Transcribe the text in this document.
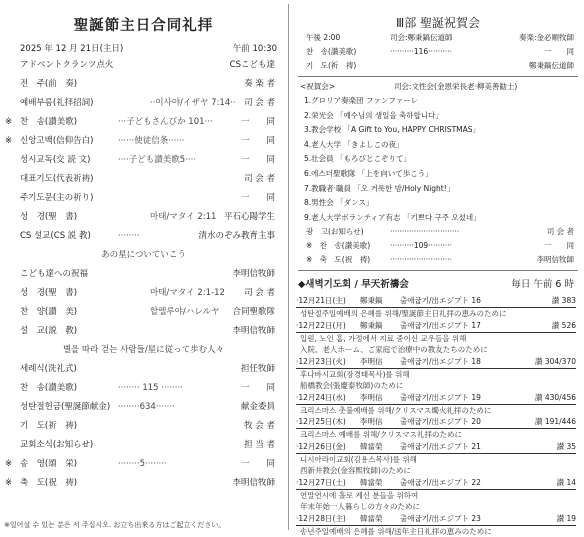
聖誕節主日合同礼拝
2025 年 12 月 21日(主日)	午前 10:30
アドベントクランツ点火	CSこども達
전　주(前　奏)	奏 楽 者
예배부름(礼拝招詞)	··이사야/イザヤ 7:14·· 司 会 者
※ 찬　송(讃美歌)	···子どもさんびか 101···	一　　同
※ 신앙고백(信仰告白)	······使徒信条······	一　　同
성시교독(交 読 文)	····子ども讃美歌5····	一　　同
대표기도(代表祈祷)	司 会 者
주기도문(主の祈り)	一　　同
성　경(聖　書)	마태/マタイ 2:11 平石心陽学生
CS 설교(CS 説 教)	········	清水のぞみ教育主事
あの星についていこう
こども達への祝福	李明信牧師
성　경(聖　書)	마태/マタイ 2:1-12 司 会 者
찬　양(讃　美)	할렐루야/ハレルヤ 合同聖歌隊
설　교(説　教)	李明信牧師
별을 따라 걷는 사람들/星に従って歩む人々
세례식(洗礼式)	担任牧師
찬　송(讃美歌)	········ 115 ········	一　　同
성탄절헌금(聖誕節献金) ········634·······	献金委員
기　도(祈　祷)	牧 会 者
교회소식(お知らせ)	担 当 者
※ 송　영(頌　栄)	········5········	一　　同
※ 축　도(祝　祷)	李明信牧師
※일어설 수 있는 분은 서 주십시오. お立ち出来る方はご起立ください。
Ⅲ部 聖誕祝賀会
午後 2:00	司会:鄭秉鎬伝道師	奏楽:金必順牧師
찬　송(讃美歌)	··········116··········	一　　同
기　도(祈　祷)	鄭秉鎬伝道師
<祝賀会>	司会:文性会(金恩栄長老·柳美善勧士)
1.グロリア奏楽団 ファンファーレ
2.栄光会 「예수님의 생일을 축하합니다」
3.教会学校 「A Gift to You, HAPPY CHRISTMAS」
4.老人大学 「きよしこの夜」
5.壮会員 「もろびとこぞりて」
6.에스더聖歌隊 「上を向いて歩こう」
7.教職者·職員 「오 거룩한 밤/Holy Night!」
8.男性会 「ダンス」
9.老人大学ボランティア有志 「기쁘다 구주 오셨네」
광　고(お知らせ)	·····························	司 会 者
※　찬　송(讃美歌)	··········109··········	一　　同
※　축　도(祝　祷)	··························	李明信牧師
◆새벽기도회 / 早天祈禱会	毎日 午前 6 時
·12月21日(主) 鄭秉鎬 출애굽기/出エジプト 16	讃 383
성탄절주일예배의 은혜를 위해/聖誕節主日礼拝の恵みのために
·12月22日(月) 鄭秉鎬 출애굽기/出エジプト 17	讃 526
입원, 노인 홈, 가정에서 지료 중이신 교우들을 위해
入院、老人ホーム、ご家庭で治療中の教友たちのために
·12月23日(火) 李明信 출애굽기/出エジプト 18	讃 304/370
후나바시교회(장경태목사)를 위해
船橋教会(張慶泰牧師)のために
·12月24日(水) 李明信 출애굽기/出エジプト 19	讃 430/456
크리스마스 촛불예배를 위해/クリスマス燭火礼拝のために
·12月25日(木) 李明信 출애굽기/出エジプト 20	讃 191/446
크리스마스 예배를 위해/クリスマス礼拝のために
·12月26日(金) 韓當榮 출애굽기/出エジプト 21	讃 35
니시아라이교회(김용스목사)를 위해
西新井教会(金容煕牧師)のために
·12月27日(土) 韓當榮 출애굽기/出エジプト 22	讃 14
연말연시에 홀로 계신 분들을 위하여
年末年始一人暮らしの方々のために
·12月28日(主) 韓當榮 출애굽기/出エジプト 23	讃 19
송년주일예배의 은혜를 위해/送年主日礼拝の恵みのために
